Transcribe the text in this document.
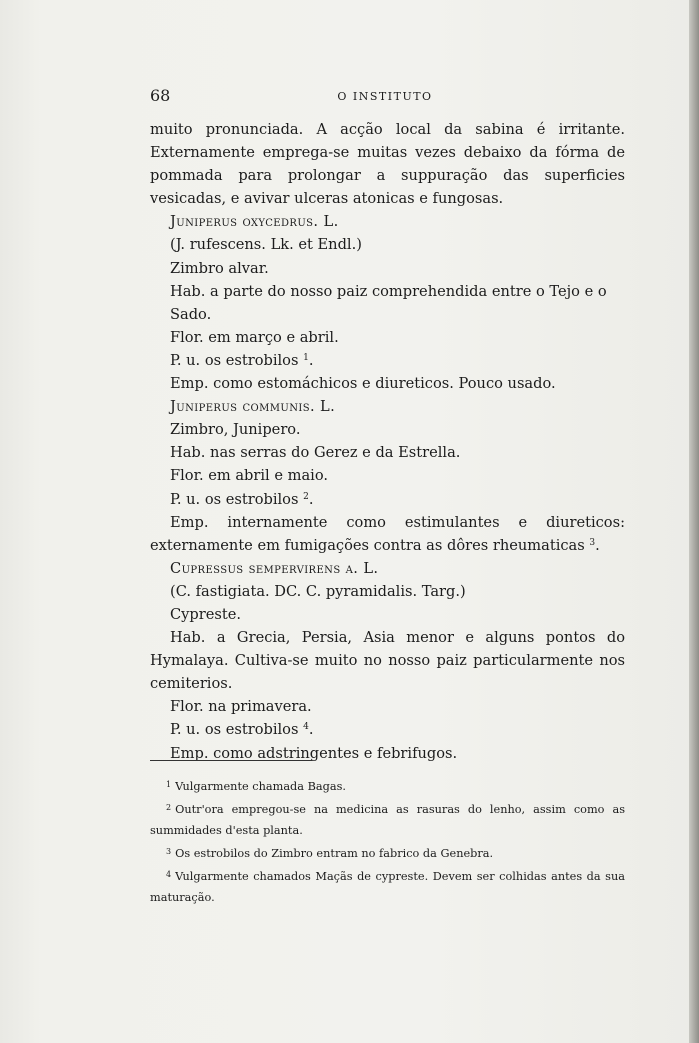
68	O INSTITUTO

muito pronunciada. A acção local da sabina é irritante. Externamente emprega-se muitas vezes debaixo da fórma de pommada para prolongar a suppuração das superficies vesicadas, e avivar ulceras atonicas e fungosas.

Juniperus oxycedrus. L.

(J. rufescens. Lk. et Endl.)

Zimbro alvar.

Hab. a parte do nosso paiz comprehendida entre o Tejo e o Sado.

Flor. em março e abril.

P. u. os estrobilos $^1$.

Emp. como estomáchicos e diureticos. Pouco usado.

Juniperus communis. L.

Zimbro, Junipero.

Hab. nas serras do Gerez e da Estrella.

Flor. em abril e maio.

P. u. os estrobilos $^2$.

Emp. internamente como estimulantes e diureticos: externamente em fumigações contra as dôres rheumaticas $^3$.

Cupressus sempervirens α. L.

(C. fastigiata. DC. C. pyramidalis. Targ.)

Cypreste.

Hab. a Grecia, Persia, Asia menor e alguns pontos do Hymalaya. Cultiva-se muito no nosso paiz particularmente nos cemiterios.

Flor. na primavera.

P. u. os estrobilos $^4$.

Emp. como adstringentes e febrifugos.

$^1$ Vulgarmente chamada Bagas.

$^2$ Outr'ora empregou-se na medicina as rasuras do lenho, assim como as summidades d'esta planta.

$^3$ Os estrobilos do Zimbro entram no fabrico da Genebra.

$^4$ Vulgarmente chamados Maçãs de cypreste. Devem ser colhidas antes da sua maturação.
